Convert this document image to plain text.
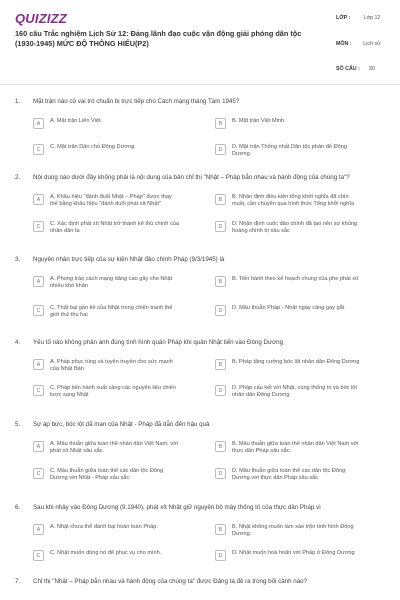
QUIZIZZ
160 câu Trắc nghiệm Lịch Sử 12: Đảng lãnh đạo cuộc vận động giải phóng dân tộc (1930-1945) MỨC ĐỘ THÔNG HIỂU(P2)
LỚP :	Lớp 12
MÔN :	Lịch sử
SỐ CÂU :	30
1. Mặt trận nào có vai trò chuẩn bị trực tiếp cho Cách mạng tháng Tám 1945?
A	A. Mặt trận Liên Việt.	B	B. Mặt trận Việt Minh.
C	C. Mặt trận Dân chủ Đông Dương.	D	D. Mặt trận Thống nhất Dân tộc phản đế Đông Dương.
2. Nội dung nào dưới đây không phải là nội dung của bản chỉ thị "Nhật – Pháp bắn nhau và hành động của chúng ta"?
A	A. Khẩu hiệu "đánh đuổi Nhật – Pháp" được thay thế bằng khẩu hiệu "đánh đuổi phát xít Nhật"
B	B. Nhận định điều kiện tổng khởi nghĩa đã chín muồi, cần chuyển qua hình thức Tổng khởi nghĩa
C	C. Xác định phát xít Nhật trở thành kẻ thù chính của nhân dân ta
D	D. Nhận định cuộc đảo chính đã tạo nên sự khủng hoảng chính trị sâu sắc
3. Nguyên nhân trực tiếp của sự kiện Nhật đảo chính Pháp (9/3/1945) là
A	A. Phong trào cách mạng dâng cao gây cho Nhật nhiều khó khăn
B	B. Tiến hành theo kế hoạch chung của phe phát xít
C	C. Thất bại gần kề của Nhật trong chiến tranh thế giới thứ thu hai
D	D. Mâu thuẫn Pháp - Nhật ngày càng gay gắt
4. Yếu tố nào không phản ánh đúng tình hình quân Pháp khi quân Nhật tiến vào Đông Dương
A	A. Pháp phục tùng và tuyên truyền cho sức mạnh của Nhật Bản
B	B. Pháp tăng cường bóc lột nhân dân Đông Dương
C	C. Pháp tiến hành xuất cảng các nguyên liệu chiến lược sang Nhật
D	D. Pháp cấu kết với Nhật, cùng thống trị và bóc lột nhân dân Đông Dương
5. Sự áp bức, bóc lột dã man của Nhật - Pháp đã dẫn đến hậu quả
A	A. Mâu thuẫn giữa toàn thể nhân dân Việt Nam, với phát xít Nhật sâu sắc.
B	B. Mâu thuẫn giữa toàn thể nhân dân Việt Nam với thực dân Pháp sâu sắc.
C	C. Mâu thuẫn giữa toàn thể các dân tộc Đông Dương với Nhật - Pháp sâu sắc.
D	D. Mâu thuẫn giữa toàn thể các dân tộc Đông Dương với thực dân Pháp sâu sắc.
6. Sau khi nhảy vào Đông Dương (9.1940), phát xít Nhật giữ nguyên bộ máy thống trị của thực dân Pháp vì
A	A. Nhật chưa thể đánh bại hoàn toàn Pháp.	B	B. Nhật không muốn làm xáo trộn tình hình Đông Dương.
C	C. Nhật muốn dùng nó để phục vụ cho mình.	D	D. Nhật muốn hoà hoãn với Pháp ở Đông Dương
7. Chỉ thị "Nhật – Pháp bắn nhau và hành động của chúng ta" được Đảng ta đề ra trong bối cảnh nào?
